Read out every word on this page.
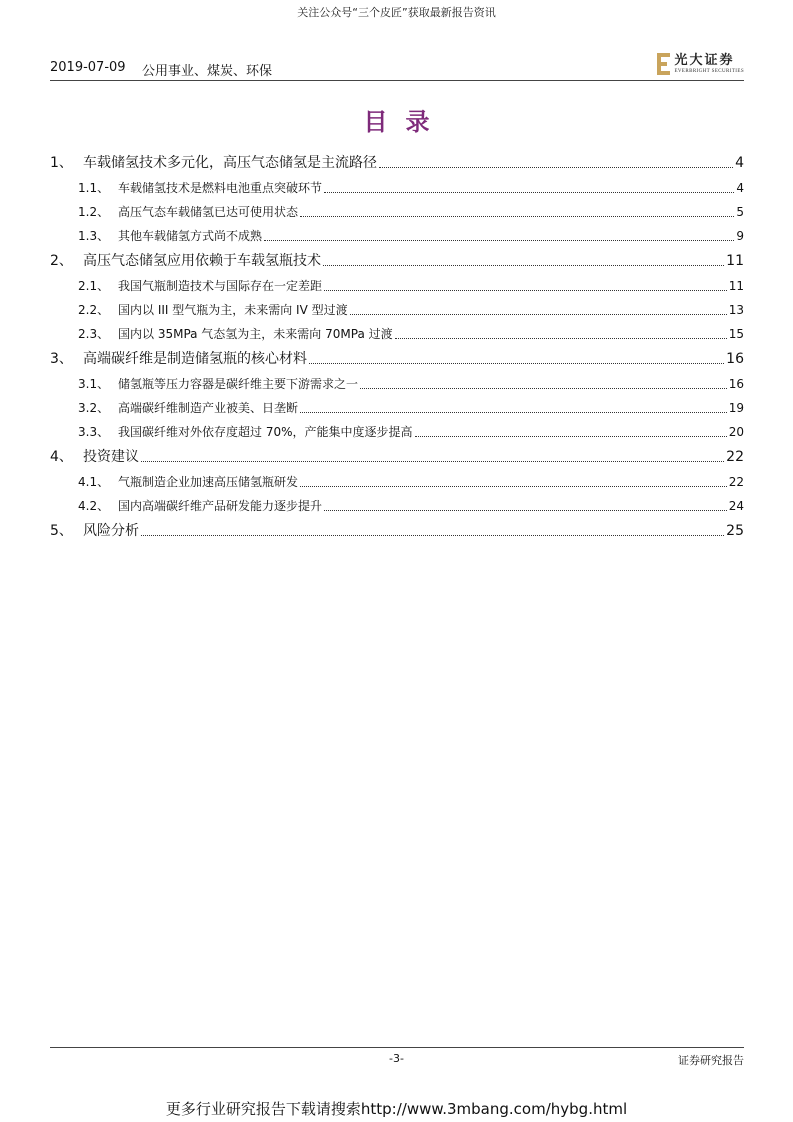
关注公众号“三个皮匠”获取最新报告资讯
2019-07-09 公用事业、煤炭、环保
光大证券
EVERBRIGHT SECURITIES
目录
1、 车载储氢技术多元化，高压气态储氢是主流路径	4
1.1、 车载储氢技术是燃料电池重点突破环节	4
1.2、 高压气态车载储氢已达可使用状态	5
1.3、 其他车载储氢方式尚不成熟	9
2、 高压气态储氢应用依赖于车载氢瓶技术	11
2.1、 我国气瓶制造技术与国际存在一定差距	11
2.2、 国内以 III 型气瓶为主，未来需向 IV 型过渡	13
2.3、 国内以 35MPa 气态氢为主，未来需向 70MPa 过渡	15
3、 高端碳纤维是制造储氢瓶的核心材料	16
3.1、 储氢瓶等压力容器是碳纤维主要下游需求之一	16
3.2、 高端碳纤维制造产业被美、日垄断	19
3.3、 我国碳纤维对外依存度超过 70%，产能集中度逐步提高	20
4、 投资建议	22
4.1、 气瓶制造企业加速高压储氢瓶研发	22
4.2、 国内高端碳纤维产品研发能力逐步提升	24
5、 风险分析	25
-3-	证券研究报告
更多行业研究报告下载请搜索http://www.3mbang.com/hybg.html
